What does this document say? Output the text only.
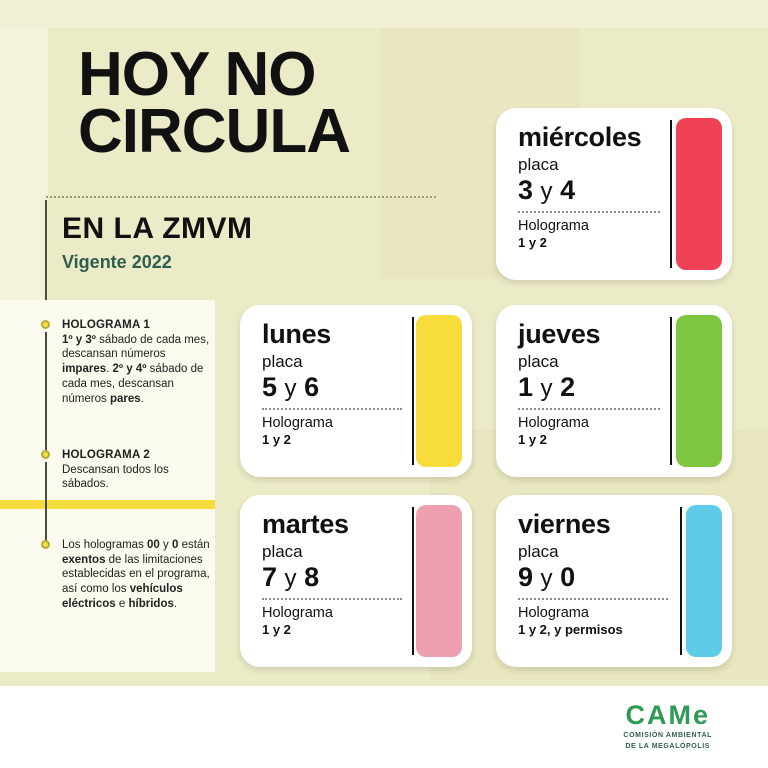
HOY NO
CIRCULA
EN LA ZMVM
Vigente 2022
HOLOGRAMA 1
1º y 3º sábado de cada mes, descansan números impares. 2º y 4º sábado de cada mes, descansan números pares.
HOLOGRAMA 2
Descansan todos los sábados.
Los hologramas 00 y 0 están exentos de las limitaciones establecidas en el programa, así como los vehículos eléctricos e híbridos.
miércoles
placa
3 y 4
Holograma
1 y 2
lunes
placa
5 y 6
Holograma
1 y 2
jueves
placa
1 y 2
Holograma
1 y 2
martes
placa
7 y 8
Holograma
1 y 2
viernes
placa
9 y 0
Holograma
1 y 2, y permisos
CAMe
COMISIÓN AMBIENTAL
DE LA MEGALÓPOLIS
